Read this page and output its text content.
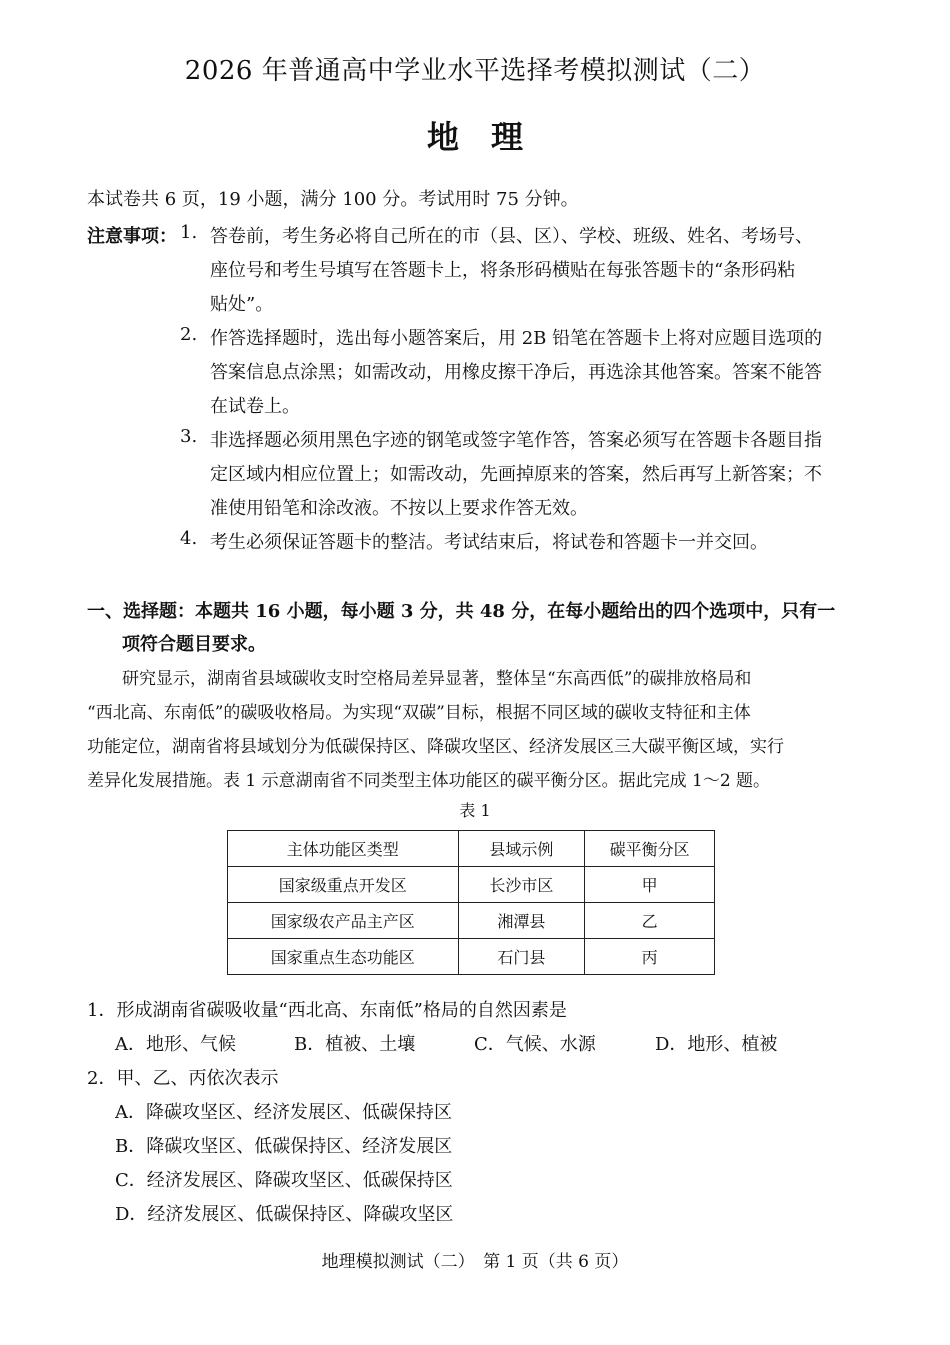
2026 年普通高中学业水平选择考模拟测试（二）
地　理
本试卷共 6 页，19 小题，满分 100 分。考试用时 75 分钟。
注意事项： 1. 答卷前，考生务必将自己所在的市（县、区）、学校、班级、姓名、考场号、
座位号和考生号填写在答题卡上，将条形码横贴在每张答题卡的“条形码粘
贴处”。
2. 作答选择题时，选出每小题答案后，用 2B 铅笔在答题卡上将对应题目选项的
答案信息点涂黑；如需改动，用橡皮擦干净后，再选涂其他答案。答案不能答
在试卷上。
3. 非选择题必须用黑色字迹的钢笔或签字笔作答，答案必须写在答题卡各题目指
定区域内相应位置上；如需改动，先画掉原来的答案，然后再写上新答案；不
准使用铅笔和涂改液。不按以上要求作答无效。
4. 考生必须保证答题卡的整洁。考试结束后，将试卷和答题卡一并交回。
一、选择题：本题共 16 小题，每小题 3 分，共 48 分，在每小题给出的四个选项中，只有一
项符合题目要求。
研究显示，湖南省县域碳收支时空格局差异显著，整体呈“东高西低”的碳排放格局和
“西北高、东南低”的碳吸收格局。为实现“双碳”目标，根据不同区域的碳收支特征和主体
功能定位，湖南省将县域划分为低碳保持区、降碳攻坚区、经济发展区三大碳平衡区域，实行
差异化发展措施。表 1 示意湖南省不同类型主体功能区的碳平衡分区。据此完成 1～2 题。
表 1
主体功能区类型	县域示例	碳平衡分区
国家级重点开发区	长沙市区	甲
国家级农产品主产区	湘潭县	乙
国家重点生态功能区	石门县	丙
1．形成湖南省碳吸收量“西北高、东南低”格局的自然因素是
A．地形、气候	B．植被、土壤	C．气候、水源	D．地形、植被
2．甲、乙、丙依次表示
A．降碳攻坚区、经济发展区、低碳保持区
B．降碳攻坚区、低碳保持区、经济发展区
C．经济发展区、降碳攻坚区、低碳保持区
D．经济发展区、低碳保持区、降碳攻坚区
地理模拟测试（二）　第 1 页（共 6 页）
